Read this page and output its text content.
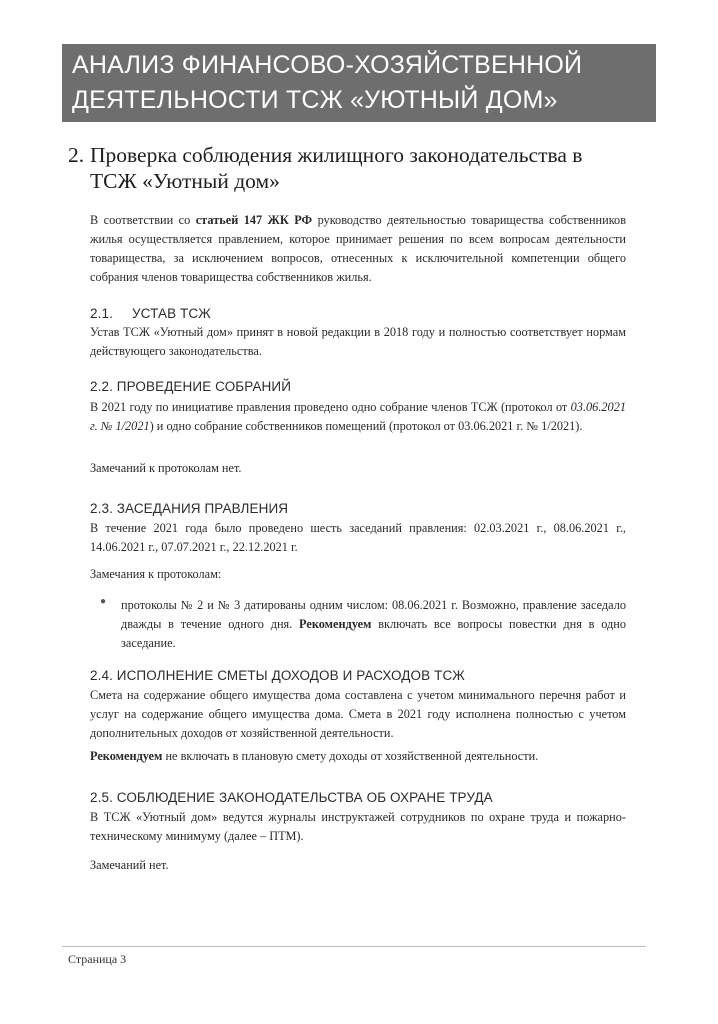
АНАЛИЗ ФИНАНСОВО-ХОЗЯЙСТВЕННОЙ
ДЕЯТЕЛЬНОСТИ ТСЖ «УЮТНЫЙ ДОМ»
2. Проверка соблюдения жилищного законодательства в
ТСЖ «Уютный дом»
В соответствии со статьей 147 ЖК РФ руководство деятельностью товарищества собственников жилья осуществляется правлением, которое принимает решения по всем вопросам деятельности товарищества, за исключением вопросов, отнесенных к исключительной компетенции общего собрания членов товарищества собственников жилья.
2.1. УСТАВ ТСЖ
Устав ТСЖ «Уютный дом» принят в новой редакции в 2018 году и полностью соответствует нормам действующего законодательства.
2.2. ПРОВЕДЕНИЕ СОБРАНИЙ
В 2021 году по инициативе правления проведено одно собрание членов ТСЖ (протокол от 03.06.2021 г. № 1/2021) и одно собрание собственников помещений (протокол от 03.06.2021 г. № 1/2021).
Замечаний к протоколам нет.
2.3. ЗАСЕДАНИЯ ПРАВЛЕНИЯ
В течение 2021 года было проведено шесть заседаний правления: 02.03.2021 г., 08.06.2021 г., 14.06.2021 г., 07.07.2021 г., 22.12.2021 г.
Замечания к протоколам:
● протоколы № 2 и № 3 датированы одним числом: 08.06.2021 г. Возможно, правление заседало дважды в течение одного дня. Рекомендуем включать все вопросы повестки дня в одно заседание.
2.4. ИСПОЛНЕНИЕ СМЕТЫ ДОХОДОВ И РАСХОДОВ ТСЖ
Смета на содержание общего имущества дома составлена с учетом минимального перечня работ и услуг на содержание общего имущества дома. Смета в 2021 году исполнена полностью с учетом дополнительных доходов от хозяйственной деятельности.
Рекомендуем не включать в плановую смету доходы от хозяйственной деятельности.
2.5. СОБЛЮДЕНИЕ ЗАКОНОДАТЕЛЬСТВА ОБ ОХРАНЕ ТРУДА
В ТСЖ «Уютный дом» ведутся журналы инструктажей сотрудников по охране труда и пожарно-техническому минимуму (далее – ПТМ).
Замечаний нет.
Страница 3
